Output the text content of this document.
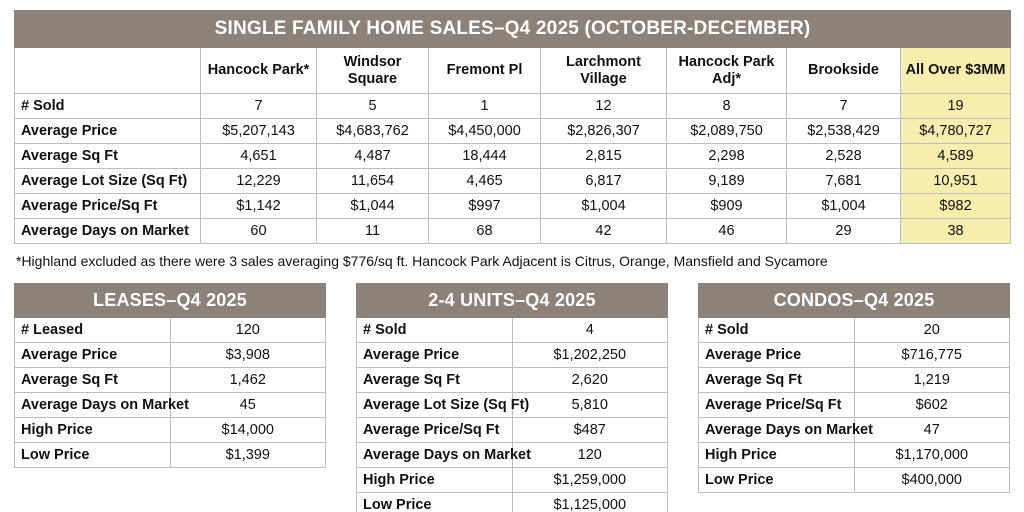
SINGLE FAMILY HOME SALES–Q4 2025 (OCTOBER-DECEMBER)							
	Hancock Park*	Windsor Square	Fremont Pl	Larchmont Village	Hancock Park Adj*	Brookside	All Over $3MM
# Sold	7	5	1	12	8	7	19
Average Price	$5,207,143	$4,683,762	$4,450,000	$2,826,307	$2,089,750	$2,538,429	$4,780,727
Average Sq Ft	4,651	4,487	18,444	2,815	2,298	2,528	4,589
Average Lot Size (Sq Ft)	12,229	11,654	4,465	6,817	9,189	7,681	10,951
Average Price/Sq Ft	$1,142	$1,044	$997	$1,004	$909	$1,004	$982
Average Days on Market	60	11	68	42	46	29	38
*Highland excluded as there were 3 sales averaging $776/sq ft. Hancock Park Adjacent is Citrus, Orange, Mansfield and Sycamore
LEASES–Q4 2025	
# Leased	120
Average Price	$3,908
Average Sq Ft	1,462
Average Days on Market	45
High Price	$14,000
Low Price	$1,399
2-4 UNITS–Q4 2025	
# Sold	4
Average Price	$1,202,250
Average Sq Ft	2,620
Average Lot Size (Sq Ft)	5,810
Average Price/Sq Ft	$487
Average Days on Market	120
High Price	$1,259,000
Low Price	$1,125,000
CONDOS–Q4 2025	
# Sold	20
Average Price	$716,775
Average Sq Ft	1,219
Average Price/Sq Ft	$602
Average Days on Market	47
High Price	$1,170,000
Low Price	$400,000
